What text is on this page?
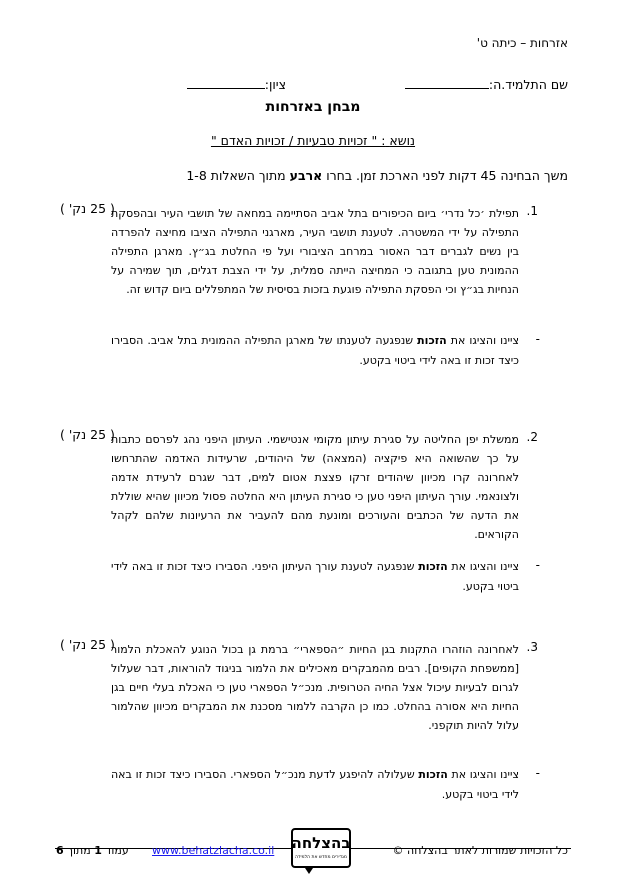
אזרחות – כיתה ט'
שם התלמיד.ה:
ציון:
מבחן באזרחות
נושא : " זכויות טבעיות / זכויות האדם "
משך הבחינה 45 דקות לפני הארכת זמן. בחרו ארבע מתוך השאלות 1-8
1.
( 25 נק' )
תפילת ׳כל נדרי׳ ביום הכיפורים בתל אביב הסתיימה במחאה של תושבי העיר ובהפסקת התפילה על ידי המשטרה. לטענת תושבי העיר, מארגני התפילה הציבו מחיצה להפרדה בין נשים לגברים דבר האסור במרחב הציבורי ועל פי החלטת בג״ץ. מארגן התפילה ההמונית טען בתגובה כי המחיצה הייתה סמלית, על ידי הצבת דגלים, תוך שמירה על הנחיות בג״ץ וכי הפסקת התפילה פוגעת בזכות בסיסית של המתפללים ביום קדוש זה.
-
ציינו והציגו את הזכות שנפגעה לטענתו של מארגן התפילה ההמונית בתל אביב. הסבירו כיצד זכות זו באה לידי ביטוי בקטע.
2.
( 25 נק' )
ממשלת יפן החליטה על סגירת עיתון מקומי אנטישמי. העיתון היפני נהג לפרסם כתבות על כך שהשואה היא פיקציה (המצאה) של היהודים, שרעידות האדמה שהתרחשו לאחרונה קרו מכיוון שיהודים זרקו פצצת אטום למים, דבר שגרם לרעידת אדמה ולצונאמי. עורך העיתון היפני טען כי סגירת העיתון היא החלטה פסול מכיוון שהיא שוללת את הדעה של הכתבים והעורכים ומונעת מהם להעביר את הרעיונות שלהם לקהל הקוראים.
-
ציינו והציגו את הזכות שנפגעה לטענת עורך העיתון היפני. הסבירו כיצד זכות זו באה לידי ביטוי בקטע.
3.
( 25 נק' )
לאחרונה הוזהרו התקנות בגן החיות ״הספארי״ ברמת גן בכול הנוגע להאכלת הלמור [ממשפחת הקופים]. רבים מהמבקרים מאכילים את הלמור בניגוד להוראות, דבר שעלול לגרום לבעיות עיכול אצל החיה הטרופית. מנכ״ל הספארי טען כי האכלת בעלי חיים בגן החיות היא אסורה בהחלט. כמו כן הקרבה ללמור מסכנת את המבקרים מכיוון שהלמור עלול להיות תוקפני.
-
ציינו והציגו את הזכות שעלולה להיפגע לדעת מנכ״ל הספארי. הסבירו כיצד זכות זו באה לידי ביטוי בקטע.
כל הזכויות שמורות לאתר בהצלחה ©
www.behatzlacha.co.il
עמוד 1 מתוך 6	בהצלחה
מגדירים מחדש את הלמידה
